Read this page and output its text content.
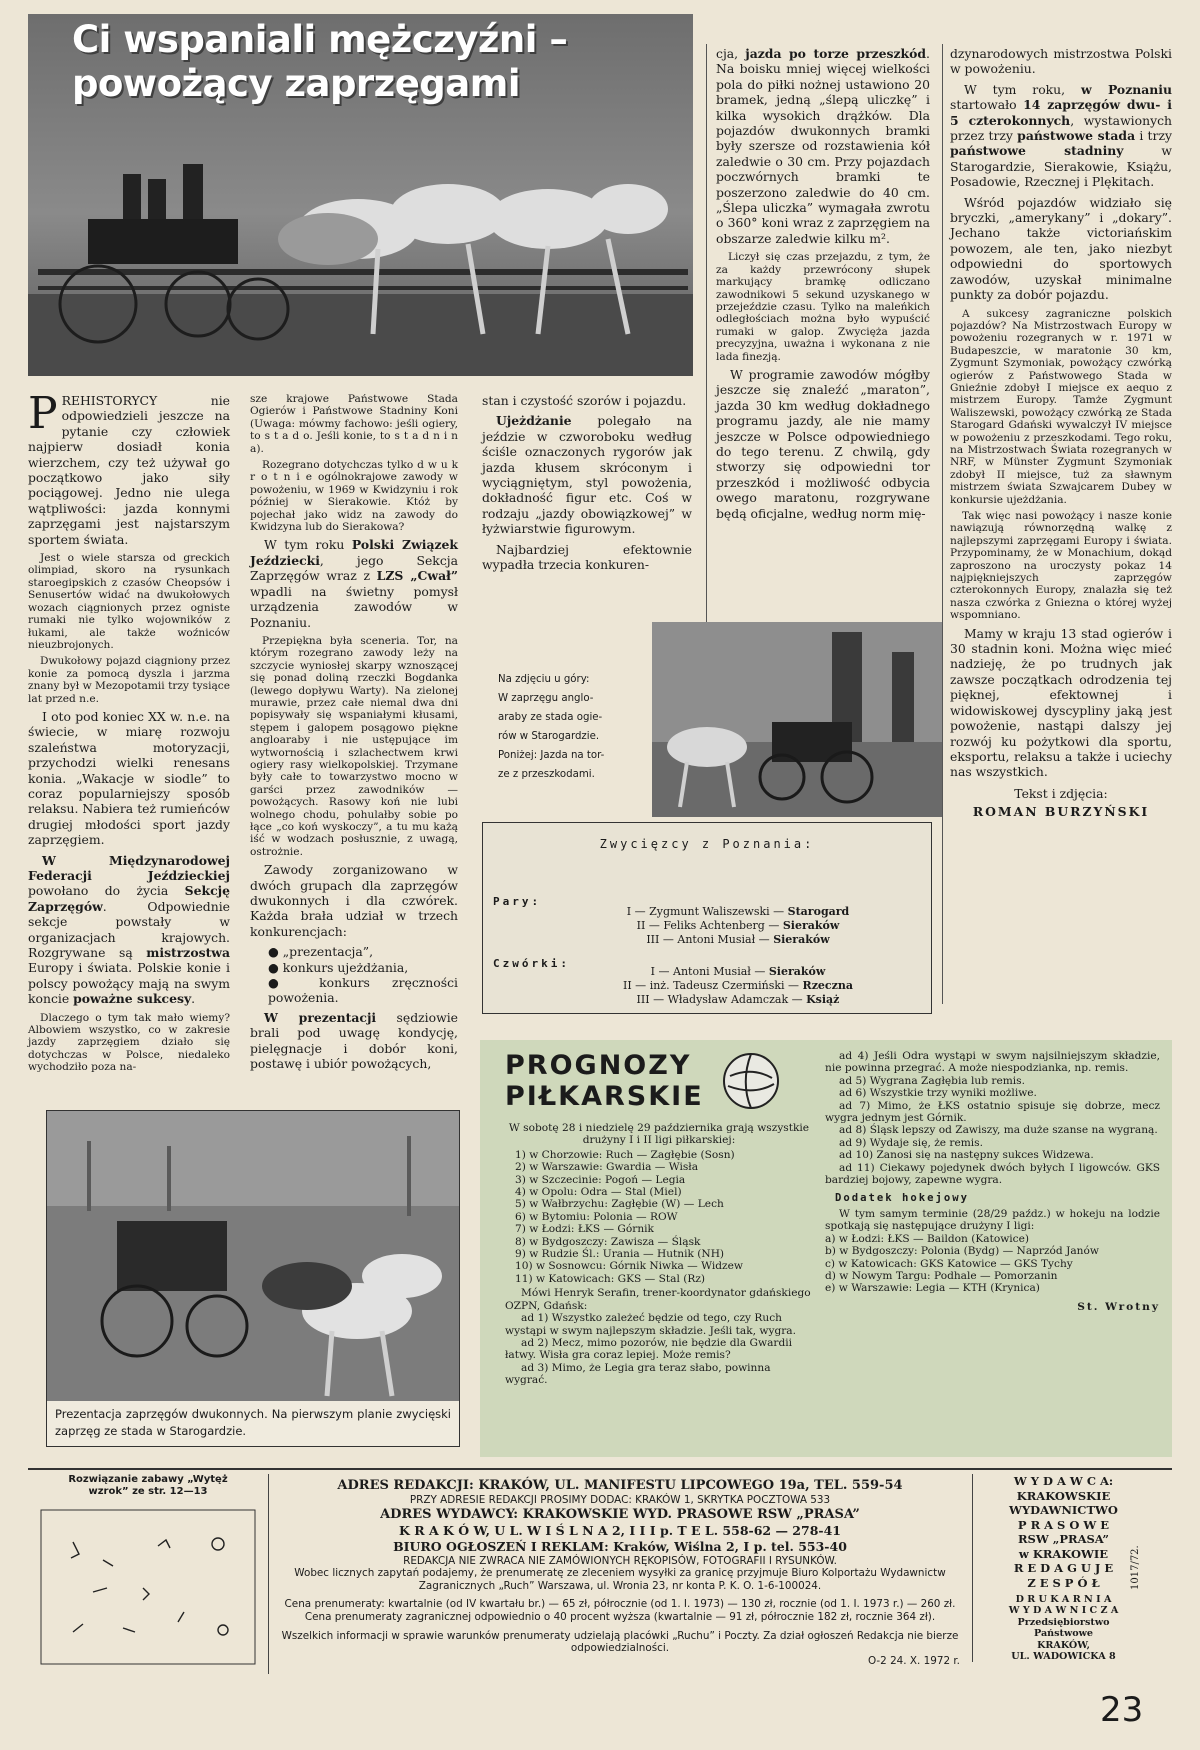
Ci wspaniali mężczyźni –
powożący zaprzęgami

P REHISTORYCY nie odpowiedzieli jeszcze na pytanie czy człowiek najpierw dosiadł konia wierzchem, czy też używał go początkowo jako siły pociągowej. Jedno nie ulega wątpliwości: jazda konnymi zaprzęgami jest najstarszym sportem świata.

Jest o wiele starsza od greckich olimpiad, skoro na rysunkach staroegipskich z czasów Cheopsów i Senusertów widać na dwukołowych wozach ciągnionych przez ogniste rumaki nie tylko wojowników z łukami, ale także woźniców nieuzbrojonych.

Dwukołowy pojazd ciągniony przez konie za pomocą dyszla i jarzma znany był w Mezopotamii trzy tysiące lat przed n.e.

I oto pod koniec XX w. n.e. na świecie, w miarę rozwoju szaleństwa motoryzacji, przychodzi wielki renesans konia. „Wakacje w siodle” to coraz popularniejszy sposób relaksu. Nabiera też rumieńców drugiej młodości sport jazdy zaprzęgiem.

W Międzynarodowej Federacji Jeździeckiej powołano do życia Sekcję Zaprzęgów. Odpowiednie sekcje powstały w organizacjach krajowych. Rozgrywane są mistrzostwa Europy i świata. Polskie konie i polscy powożący mają na swym koncie poważne sukcesy.

Dlaczego o tym tak mało wiemy? Albowiem wszystko, co w zakresie jazdy zaprzęgiem działo się dotychczas w Polsce, niedaleko wychodziło poza na-

sze krajowe Państwowe Stada Ogierów i Państwowe Stadniny Koni (Uwaga: mówmy fachowo: jeśli ogiery, to s t a d o. Jeśli konie, to s t a d n i n a).

Rozegrano dotychczas tylko d w u k r o t n i e ogólnokrajowe zawody w powożeniu, w 1969 w Kwidzyniu i rok później w Sierakowie. Któż by pojechał jako widz na zawody do Kwidzyna lub do Sierakowa?

W tym roku Polski Związek Jeździecki, jego Sekcja Zaprzęgów wraz z LZS „Cwał” wpadli na świetny pomysł urządzenia zawodów w Poznaniu.

Przepiękna była sceneria. Tor, na którym rozegrano zawody leży na szczycie wyniosłej skarpy wznoszącej się ponad doliną rzeczki Bogdanka (lewego dopływu Warty). Na zielonej murawie, przez całe niemal dwa dni popisywały się wspaniałymi kłusami, stępem i galopem posągowo piękne angloaraby i nie ustępujące im wytwornością i szlachectwem krwi ogiery rasy wielkopolskiej. Trzymane były całe to towarzystwo mocno w garści przez zawodników — powożących. Rasowy koń nie lubi wolnego chodu, pohulałby sobie po łące „co koń wyskoczy”, a tu mu każą iść w wodzach posłusznie, z uwagą, ostrożnie.

Zawody zorganizowano w dwóch grupach dla zaprzęgów dwukonnych i dla czwórek. Każda brała udział w trzech konkurencjach:

● „prezentacja”,
● konkurs ujeżdżania,
● konkurs zręczności powożenia.

W prezentacji sędziowie brali pod uwagę kondycję, pielęgnacje i dobór koni, postawę i ubiór powożących,

stan i czystość szorów i pojazdu.

Ujeżdżanie polegało na jeździe w czworoboku według ściśle oznaczonych rygorów jak jazda kłusem skróconym i wyciągniętym, styl powożenia, dokładność figur etc. Coś w rodzaju „jazdy obowiązkowej” w łyżwiarstwie figurowym.

Najbardziej efektownie wypadła trzecia konkuren-

cja, jazda po torze przeszkód. Na boisku mniej więcej wielkości pola do piłki nożnej ustawiono 20 bramek, jedną „ślepą uliczkę” i kilka wysokich drążków. Dla pojazdów dwukonnych bramki były szersze od rozstawienia kół zaledwie o 30 cm. Przy pojazdach poczwórnych bramki te poszerzono zaledwie do 40 cm. „Ślepa uliczka” wymagała zwrotu o 360° koni wraz z zaprzęgiem na obszarze zaledwie kilku m².

Liczył się czas przejazdu, z tym, że za każdy przewrócony słupek markujący bramkę odliczano zawodnikowi 5 sekund uzyskanego w przejeździe czasu. Tylko na maleńkich odległościach można było wypuścić rumaki w galop. Zwycięża jazda precyzyjna, uważna i wykonana z nie lada finezją.

W programie zawodów mógłby jeszcze się znaleźć „maraton”, jazda 30 km według dokładnego programu jazdy, ale nie mamy jeszcze w Polsce odpowiedniego do tego terenu. Z chwilą, gdy stworzy się odpowiedni tor przeszkód i możliwość odbycia owego maratonu, rozgrywane będą oficjalne, według norm mię-

dzynarodowych mistrzostwa Polski w powożeniu.

W tym roku, w Poznaniu startowało 14 zaprzęgów dwu- i 5 czterokonnych, wystawionych przez trzy państwowe stada i trzy państwowe stadniny w Starogardzie, Sierakowie, Książu, Posadowie, Rzecznej i Plękitach.

Wśród pojazdów widziało się bryczki, „amerykany” i „dokary”. Jechano także victoriańskim powozem, ale ten, jako niezbyt odpowiedni do sportowych zawodów, uzyskał minimalne punkty za dobór pojazdu.

A sukcesy zagraniczne polskich pojazdów? Na Mistrzostwach Europy w powożeniu rozegranych w r. 1971 w Budapeszcie, w maratonie 30 km, Zygmunt Szymoniak, powożący czwórką ogierów z Państwowego Stada w Gnieźnie zdobył I miejsce ex aequo z mistrzem Europy. Tamże Zygmunt Waliszewski, powożący czwórką ze Stada Starogard Gdański wywalczył IV miejsce w powożeniu z przeszkodami. Tego roku, na Mistrzostwach Świata rozegranych w NRF, w Münster Zygmunt Szymoniak zdobył II miejsce, tuż za sławnym mistrzem świata Szwajcarem Dubey w konkursie ujeżdżania.

Tak więc nasi powożący i nasze konie nawiązują równorzędną walkę z najlepszymi zaprzęgami Europy i świata. Przypominamy, że w Monachium, dokąd zaproszono na uroczysty pokaz 14 najpiękniejszych zaprzęgów czterokonnych Europy, znalazła się też nasza czwórka z Gniezna o której wyżej wspomniano.

Mamy w kraju 13 stad ogierów i 30 stadnin koni. Można więc mieć nadzieję, że po trudnych jak zawsze początkach odrodzenia tej pięknej, efektownej i widowiskowej dyscypliny jaką jest powożenie, nastąpi dalszy jej rozwój ku pożytkowi dla sportu, eksportu, relaksu a także i uciechy nas wszystkich.

Tekst i zdjęcia:
ROMAN BURZYŃSKI
Na zdjęciu u góry:
W zaprzęgu anglo-
araby ze stada ogie-
rów w Starogardzie.
Poniżej: Jazda na tor-
ze z przeszkodami.
Zwycięzcy z Poznania:
Pary:
I — Zygmunt Waliszewski — Starogard
II — Feliks Achtenberg — Sieraków
III — Antoni Musiał — Sieraków
Czwórki:
I — Antoni Musiał — Sieraków
II — inż. Tadeusz Czermiński — Rzeczna
III — Władysław Adamczak — Książ
Prezentacja zaprzęgów dwukonnych. Na pierwszym planie zwycięski zaprzęg ze stada w Starogardzie.
PROGNOZY
PIŁKARSKIE
W sobotę 28 i niedzielę 29 października grają wszystkie drużyny I i II ligi piłkarskiej:
1) w Chorzowie: Ruch — Zagłębie (Sosn)
2) w Warszawie: Gwardia — Wisła
3) w Szczecinie: Pogoń — Legia
4) w Opolu: Odra — Stal (Miel)
5) w Wałbrzychu: Zagłębie (W) — Lech
6) w Bytomiu: Polonia — ROW
7) w Łodzi: ŁKS — Górnik
8) w Bydgoszczy: Zawisza — Śląsk
9) w Rudzie Śl.: Urania — Hutnik (NH)
10) w Sosnowcu: Górnik Niwka — Widzew
11) w Katowicach: GKS — Stal (Rz)
Mówi Henryk Serafin, trener-koordynator gdańskiego OZPN, Gdańsk:
ad 1) Wszystko zależeć będzie od tego, czy Ruch wystąpi w swym najlepszym składzie. Jeśli tak, wygra.
ad 2) Mecz, mimo pozorów, nie będzie dla Gwardii łatwy. Wisła gra coraz lepiej. Może remis?
ad 3) Mimo, że Legia gra teraz słabo, powinna wygrać.
ad 4) Jeśli Odra wystąpi w swym najsilniejszym składzie, nie powinna przegrać. A może niespodzianka, np. remis.
ad 5) Wygrana Zagłębia lub remis.
ad 6) Wszystkie trzy wyniki możliwe.
ad 7) Mimo, że ŁKS ostatnio spisuje się dobrze, mecz wygra jednym jest Górnik.
ad 8) Śląsk lepszy od Zawiszy, ma duże szanse na wygraną.
ad 9) Wydaje się, że remis.
ad 10) Zanosi się na następny sukces Widzewa.
ad 11) Ciekawy pojedynek dwóch byłych I ligowców. GKS bardziej bojowy, zapewne wygra.
Dodatek hokejowy
W tym samym terminie (28/29 paźdz.) w hokeju na lodzie spotkają się następujące drużyny I ligi:
a) w Łodzi: ŁKS — Baildon (Katowice)
b) w Bydgoszczy: Polonia (Bydg) — Naprzód Janów
c) w Katowicach: GKS Katowice — GKS Tychy
d) w Nowym Targu: Podhale — Pomorzanin
e) w Warszawie: Legia — KTH (Krynica)
St. Wrotny
Rozwiązanie zabawy „Wytęż wzrok” ze str. 12—13	ADRES REDAKCJI: KRAKÓW, UL. MANIFESTU LIPCOWEGO 19a, TEL. 559-54
PRZY ADRESIE REDAKCJI PROSIMY DODAC: KRAKÓW 1, SKRYTKA POCZTOWA 533
ADRES WYDAWCY: KRAKOWSKIE WYD. PRASOWE RSW „PRASA”
K R A K Ó W, U L. W I Ś L N A 2, I I I p. T E L. 558-62 — 278-41
BIURO OGŁOSZEŃ I REKLAM: Kraków, Wiślna 2, I p. tel. 553-40
REDAKCJA NIE ZWRACA NIE ZAMÓWIONYCH RĘKOPISÓW, FOTOGRAFII I RYSUNKÓW.
Wobec licznych zapytań podajemy, że prenumeratę ze zleceniem wysyłki za granicę przyjmuje Biuro Kolportażu Wydawnictw Zagranicznych „Ruch” Warszawa, ul. Wronia 23, nr konta P. K. O. 1-6-100024.
Cena prenumeraty: kwartalnie (od IV kwartału br.) — 65 zł, półrocznie (od 1. I. 1973) — 130 zł, rocznie (od 1. I. 1973 r.) — 260 zł. Cena prenumeraty zagranicznej odpowiednio o 40 procent wyższa (kwartalnie — 91 zł, półrocznie 182 zł, rocznie 364 zł).
Wszelkich informacji w sprawie warunków prenumeraty udzielają placówki „Ruchu” i Poczty. Za dział ogłoszeń Redakcja nie bierze odpowiedzialności.
O-2 24. X. 1972 r.
W Y D A W C A:
KRAKOWSKIE
WYDAWNICTWO
P R A S O W E
RSW „PRASA”
w KRAKOWIE
R E D A G U J E
Z E S P Ó Ł
D R U K A R N I A
W Y D A W N I C Z A
Przedsiębiorstwo
Państwowe
KRAKÓW,
UL. WADOWICKA 8
1017/72.
23
